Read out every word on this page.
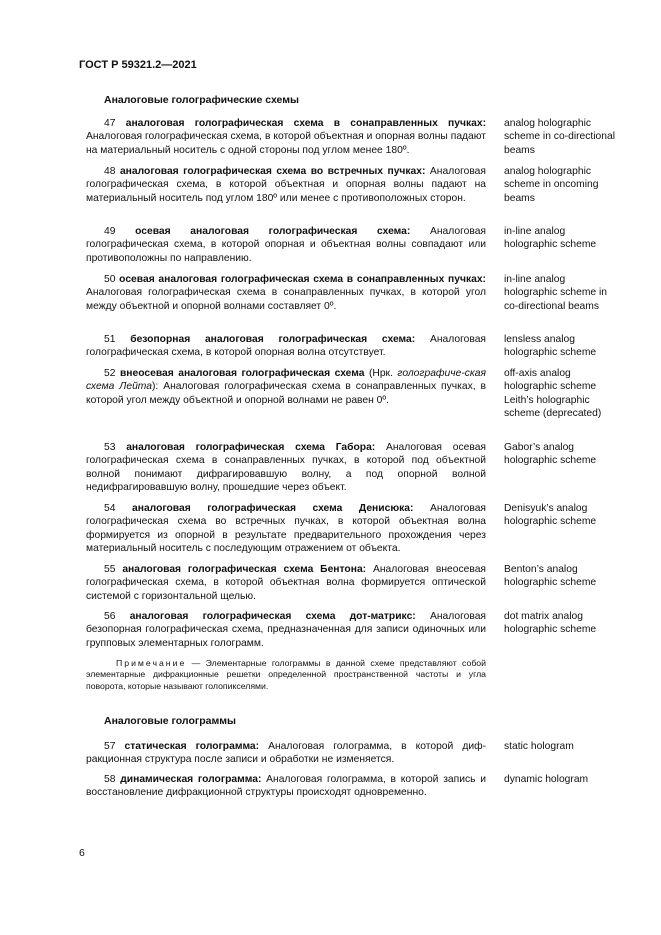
ГОСТ Р 59321.2—2021
Аналоговые голографические схемы
47 аналоговая голографическая схема в сонаправленных пучках: Аналоговая голографическая схема, в которой объектная и опорная волны падают на материальный носитель с одной стороны под углом менее 180º.
analog holographic scheme in co-directional beams
48 аналоговая голографическая схема во встречных пучках: Аналоговая голографическая схема, в которой объектная и опорная волны падают на материальный носитель под углом 180º или менее с противоположных сторон.
analog holographic scheme in oncoming beams
49 осевая аналоговая голографическая схема: Аналоговая голографическая схема, в которой опорная и объектная волны совпадают или противоположны по направлению.
in-line analog holographic scheme
50 осевая аналоговая голографическая схема в сонаправленных пучках: Аналоговая голографическая схема в сонаправленных пучках, в которой угол между объектной и опорной волнами составляет 0º.
in-line analog holographic scheme in co-directional beams
51 безопорная аналоговая голографическая схема: Аналоговая голографическая схема, в которой опорная волна отсутствует.
lensless analog holographic scheme
52 внеосевая аналоговая голографическая схема (Нрк. голографиче-ская схема Лейта): Аналоговая голографическая схема в сонаправленных пучках, в которой угол между объектной и опорной волнами не равен 0º.
off-axis analog holographic scheme Leith’s holographic scheme (deprecated)
53 аналоговая голографическая схема Габора: Аналоговая осевая голографическая схема в сонаправленных пучках, в которой под объектной волной понимают дифрагировавшую волну, а под опорной волной недифрагировавшую волну, прошедшие через объект.
Gabor’s analog holographic scheme
54 аналоговая голографическая схема Денисюка: Аналоговая голографическая схема во встречных пучках, в которой объектная волна формируется из опорной в результате предварительного прохождения через материальный носитель с последующим отражением от объекта.
Denisyuk’s analog holographic scheme
55 аналоговая голографическая схема Бентона: Аналоговая внеосевая голографическая схема, в которой объектная волна формируется оптической системой с горизонтальной щелью.
Benton’s analog holographic scheme
56 аналоговая голографическая схема дот-матрикс: Аналоговая безопорная голографическая схема, предназначенная для записи одиночных или групповых элементарных голограмм.
dot matrix analog holographic scheme
Примечание — Элементарные голограммы в данной схеме представляют собой элементарные дифракционные решетки определенной пространственной частоты и угла поворота, которые называют голопикселями.
Аналоговые голограммы
57 статическая голограмма: Аналоговая голограмма, в которой диф-ракционная структура после записи и обработки не изменяется.
static hologram
58 динамическая голограмма: Аналоговая голограмма, в которой запись и восстановление дифракционной структуры происходят одновременно.
dynamic hologram
6
